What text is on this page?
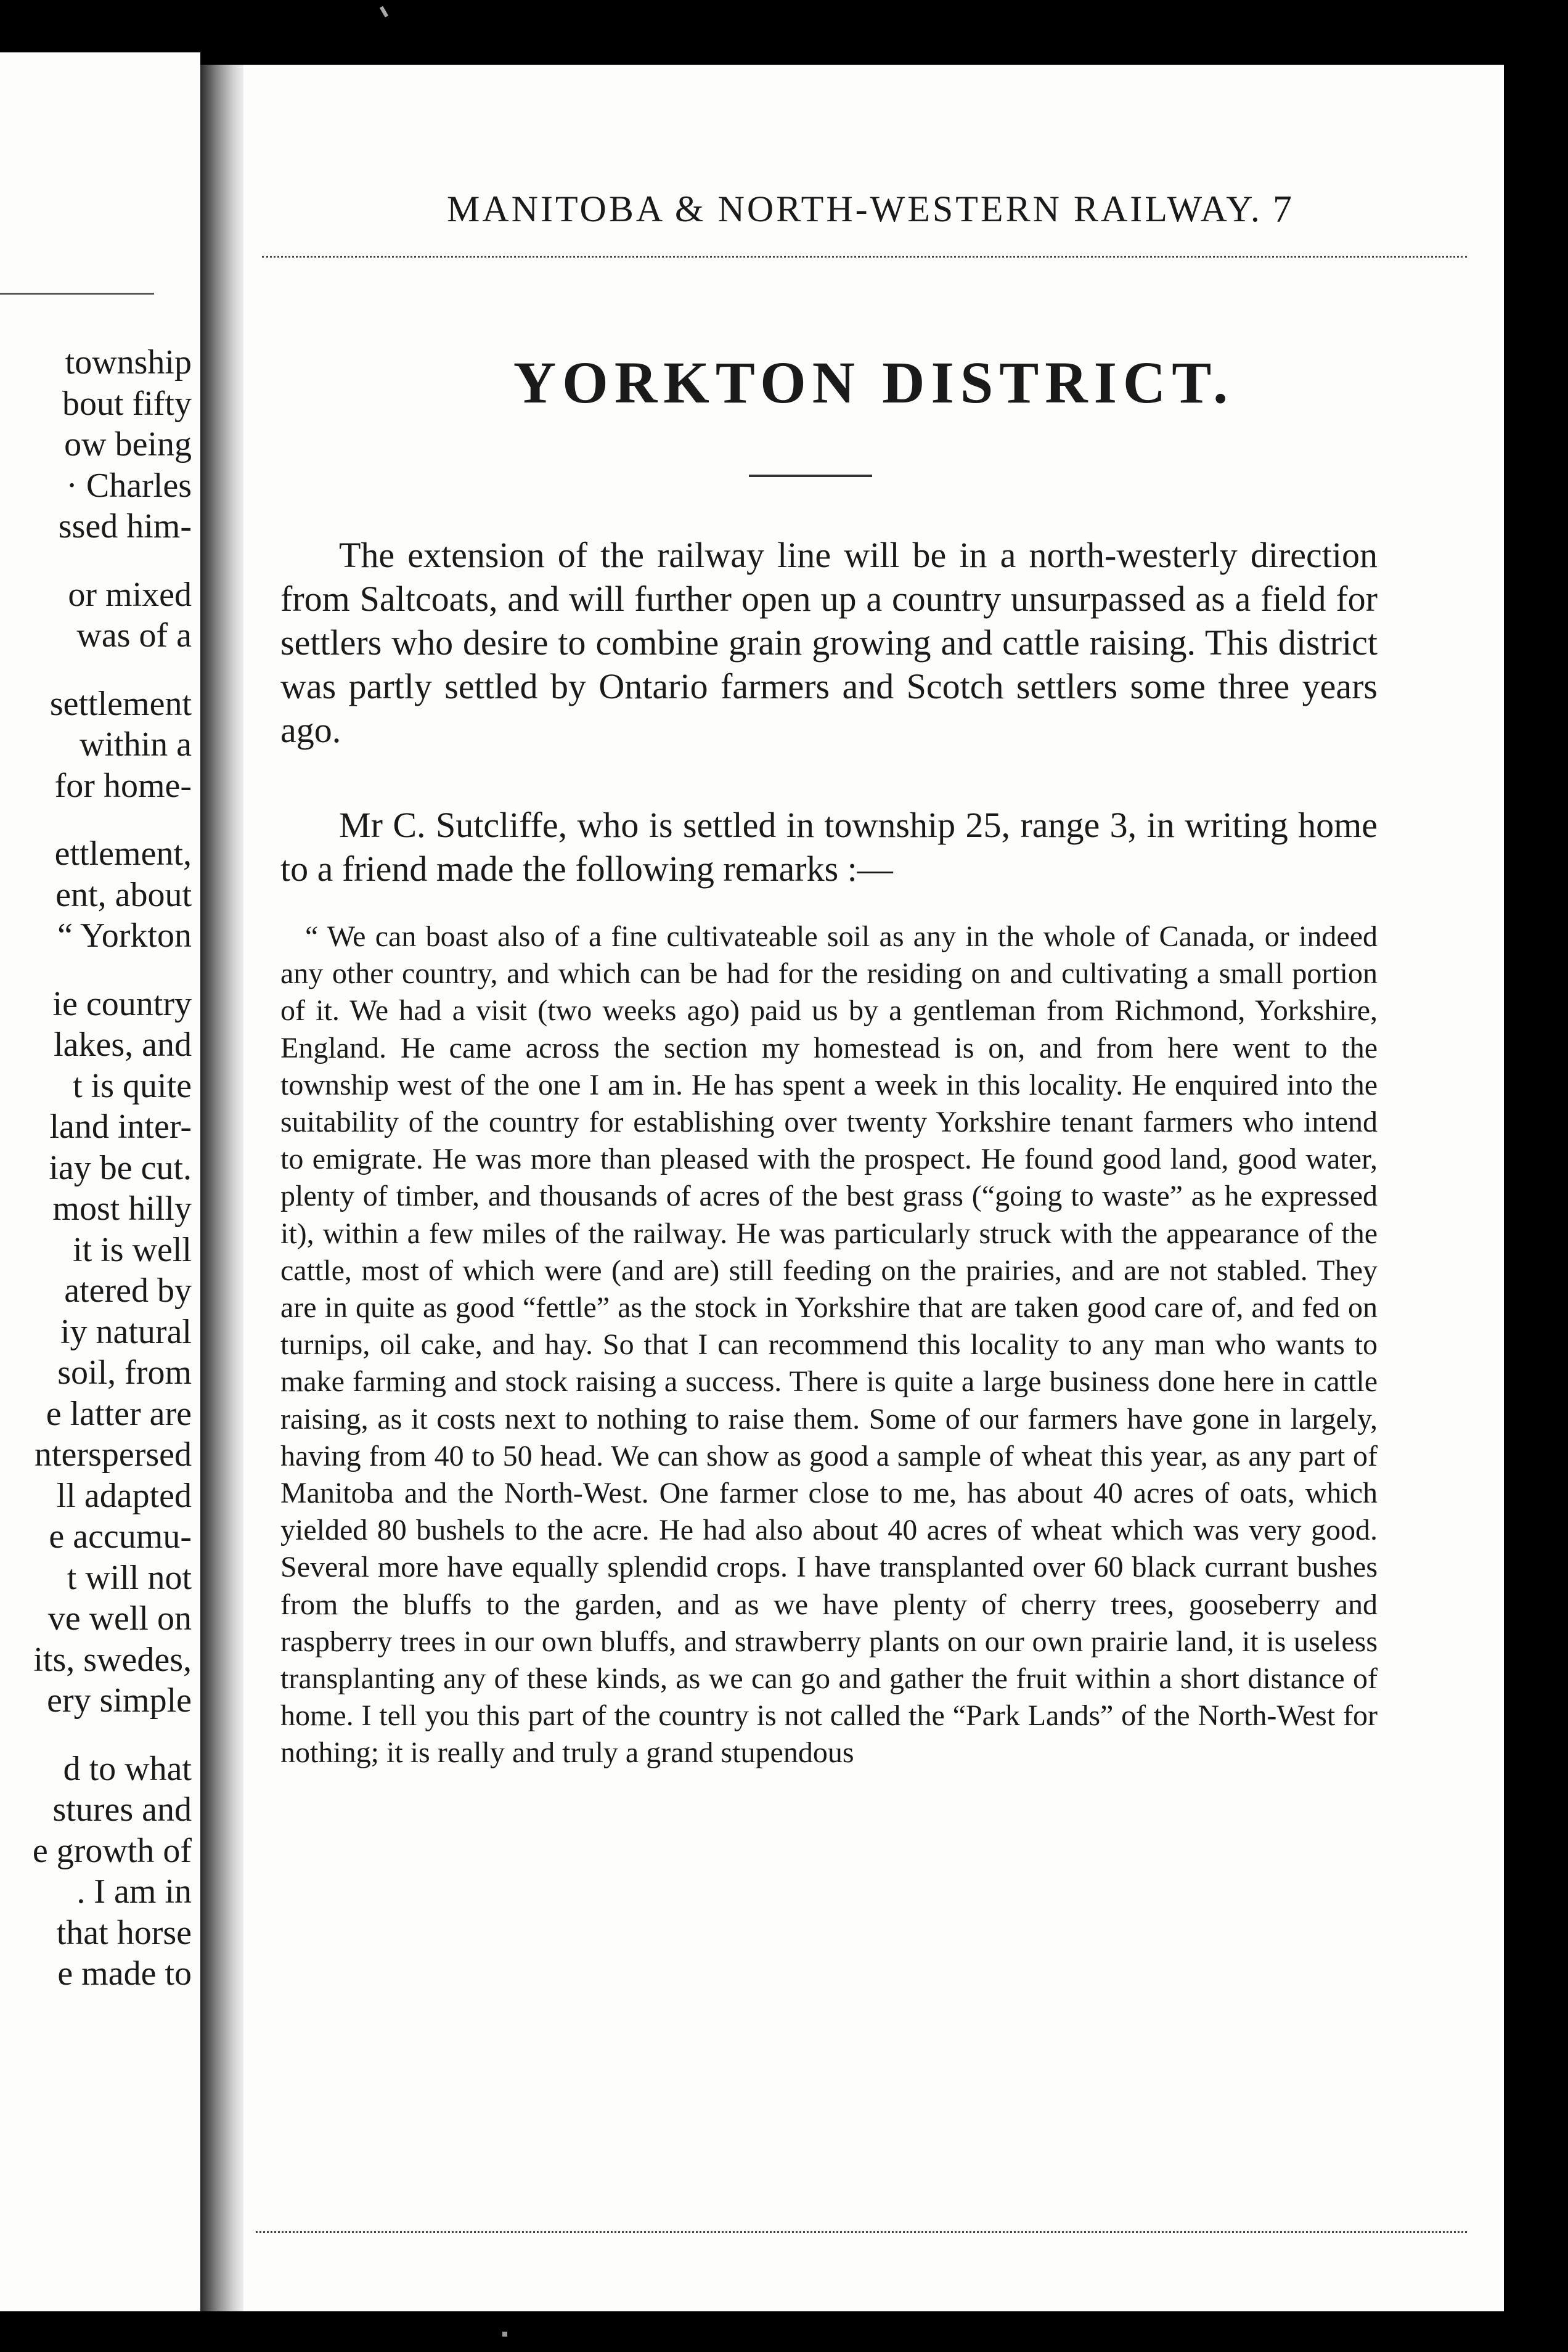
township
bout fifty
ow being
· Charles
ssed him-
or mixed
was of a
settlement
within a
for home-
ettlement,
ent, about
“ Yorkton
ie country
lakes, and
t is quite
land inter-
iay be cut.
most hilly
it is well
atered by
iy natural
soil, from
e latter are
nterspersed
ll adapted
e accumu-
t will not
ve well on
its, swedes,
ery simple
d to what
stures and
e growth of
. I am in
that horse
e made to
MANITOBA & NORTH-WESTERN RAILWAY. 7
YORKTON DISTRICT.

The extension of the railway line will be in a north-westerly direction from Saltcoats, and will further open up a country unsurpassed as a field for settlers who desire to combine grain growing and cattle raising. This district was partly settled by Ontario farmers and Scotch settlers some three years ago.

Mr C. Sutcliffe, who is settled in township 25, range 3, in writing home to a friend made the following remarks :—

“ We can boast also of a fine cultivateable soil as any in the whole of Canada, or indeed any other country, and which can be had for the residing on and cultivating a small portion of it. We had a visit (two weeks ago) paid us by a gentleman from Richmond, Yorkshire, England. He came across the section my homestead is on, and from here went to the township west of the one I am in. He has spent a week in this locality. He enquired into the suitability of the country for establishing over twenty Yorkshire tenant farmers who intend to emigrate. He was more than pleased with the prospect. He found good land, good water, plenty of timber, and thousands of acres of the best grass (“going to waste” as he expressed it), within a few miles of the railway. He was particularly struck with the appearance of the cattle, most of which were (and are) still feeding on the prairies, and are not stabled. They are in quite as good “fettle” as the stock in Yorkshire that are taken good care of, and fed on turnips, oil cake, and hay. So that I can recommend this locality to any man who wants to make farming and stock raising a success. There is quite a large business done here in cattle raising, as it costs next to nothing to raise them. Some of our farmers have gone in largely, having from 40 to 50 head. We can show as good a sample of wheat this year, as any part of Manitoba and the North-West. One farmer close to me, has about 40 acres of oats, which yielded 80 bushels to the acre. He had also about 40 acres of wheat which was very good. Several more have equally splendid crops. I have transplanted over 60 black currant bushes from the bluffs to the garden, and as we have plenty of cherry trees, gooseberry and raspberry trees in our own bluffs, and strawberry plants on our own prairie land, it is useless transplanting any of these kinds, as we can go and gather the fruit within a short distance of home. I tell you this part of the country is not called the “Park Lands” of the North-West for nothing; it is really and truly a grand stupendous
